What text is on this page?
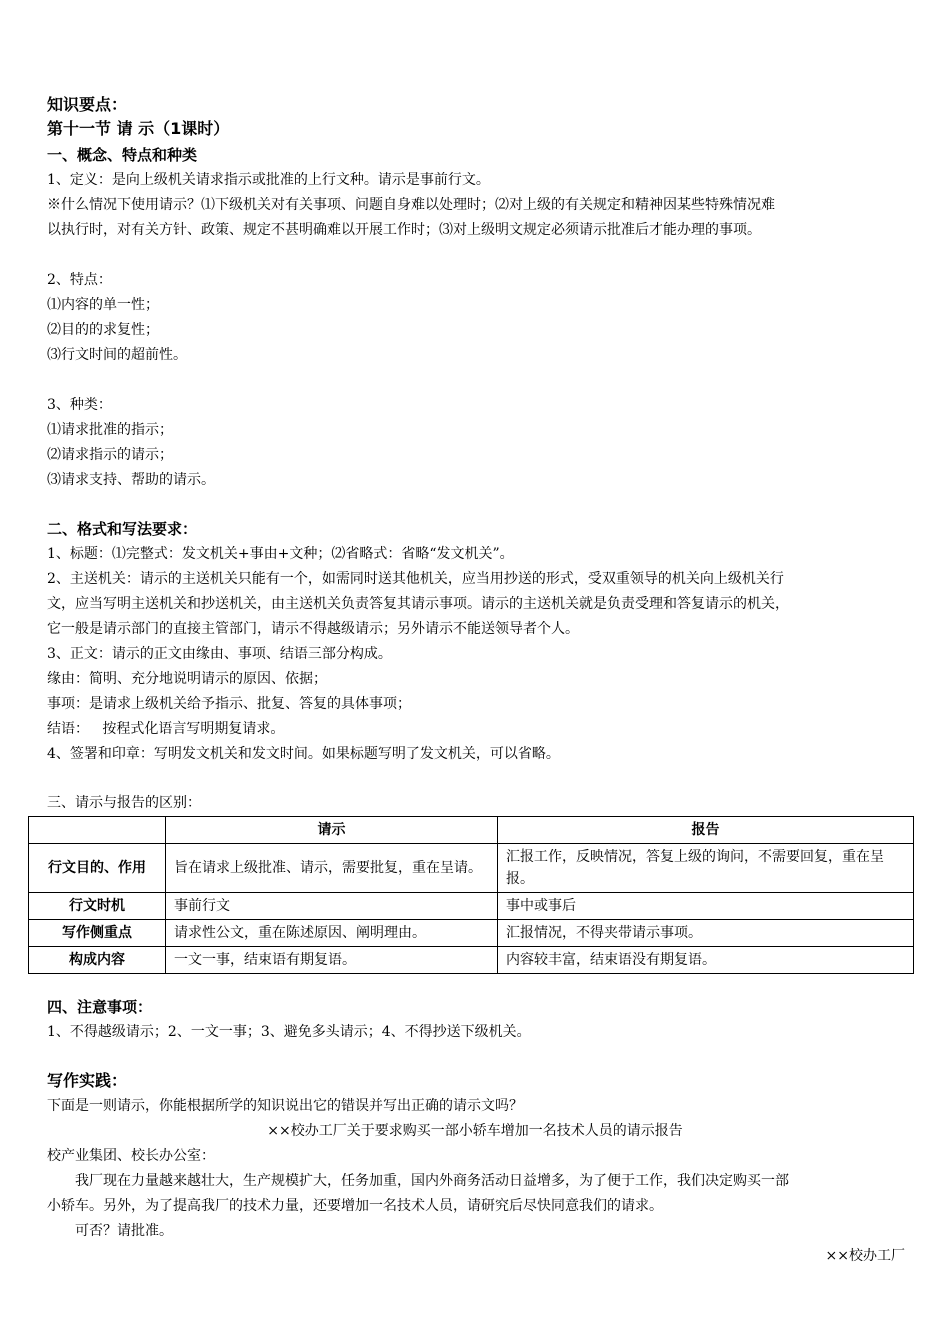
知识要点：
第十一节 请 示（1课时）
一、概念、特点和种类
1、定义：是向上级机关请求指示或批准的上行文种。请示是事前行文。
※什么情况下使用请示？⑴下级机关对有关事项、问题自身难以处理时；⑵对上级的有关规定和精神因某些特殊情况难
以执行时，对有关方针、政策、规定不甚明确难以开展工作时；⑶对上级明文规定必须请示批准后才能办理的事项。
2、特点：
⑴内容的单一性；
⑵目的的求复性；
⑶行文时间的超前性。
3、种类：
⑴请求批准的指示；
⑵请求指示的请示；
⑶请求支持、帮助的请示。
二、格式和写法要求：
1、标题：⑴完整式：发文机关+事由+文种；⑵省略式：省略“发文机关”。
2、主送机关：请示的主送机关只能有一个，如需同时送其他机关，应当用抄送的形式，受双重领导的机关向上级机关行
文，应当写明主送机关和抄送机关，由主送机关负责答复其请示事项。请示的主送机关就是负责受理和答复请示的机关，
它一般是请示部门的直接主管部门，请示不得越级请示；另外请示不能送领导者个人。
3、正文：请示的正文由缘由、事项、结语三部分构成。
缘由：简明、充分地说明请示的原因、依据；
事项：是请求上级机关给予指示、批复、答复的具体事项；
结语：   按程式化语言写明期复请求。
4、签署和印章：写明发文机关和发文时间。如果标题写明了发文机关，可以省略。
三、请示与报告的区别：
	请示	报告
行文目的、作用	旨在请求上级批准、请示，需要批复，重在呈请。	汇报工作，反映情况，答复上级的询问，不需要回复，重在呈报。
行文时机	事前行文	事中或事后
写作侧重点	请求性公文，重在陈述原因、阐明理由。	汇报情况，不得夹带请示事项。
构成内容	一文一事，结束语有期复语。	内容较丰富，结束语没有期复语。
四、注意事项：
1、不得越级请示；2、一文一事；3、避免多头请示；4、不得抄送下级机关。
写作实践：
下面是一则请示，你能根据所学的知识说出它的错误并写出正确的请示文吗？
××校办工厂关于要求购买一部小轿车增加一名技术人员的请示报告
校产业集团、校长办公室：
我厂现在力量越来越壮大，生产规模扩大，任务加重，国内外商务活动日益增多，为了便于工作，我们决定购买一部
小轿车。另外，为了提高我厂的技术力量，还要增加一名技术人员，请研究后尽快同意我们的请求。
可否？请批准。
××校办工厂
